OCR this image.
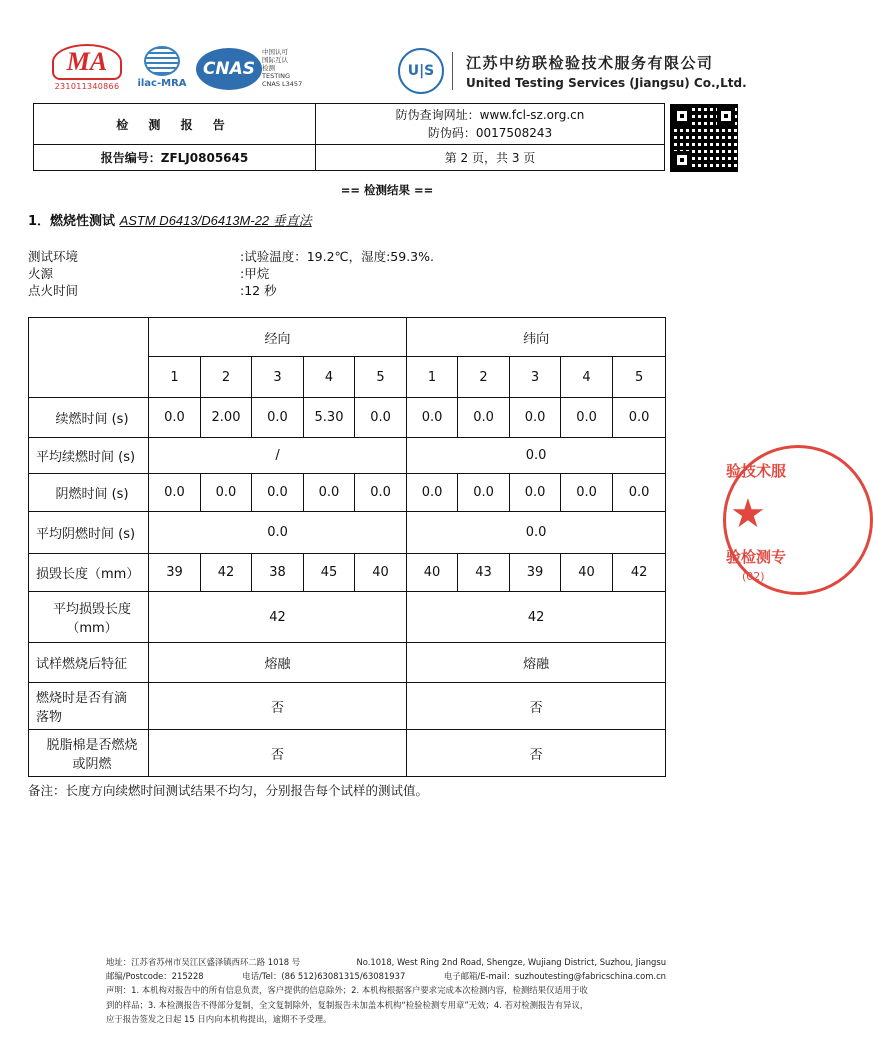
MA
231011340866	ilac-MRA
CNAS
中国认可
国际互认
检测
TESTING
CNAS L3457
U|S	江苏中纺联检验技术服务有限公司
United Testing Services (Jiangsu) Co.,Ltd.
检 测 报 告	防伪查询网址：www.fcl-sz.org.cn
防伪码：0017508243

报告编号：ZFLJ0805645	第 2 页，共 3 页
== 检测结果 ==
1．燃烧性测试 ASTM D6413/D6413M-22 垂直法
测试环境	:试验温度：19.2℃，湿度:59.3%.
火源	:甲烷
点火时间	:12 秒
	经向					纬向				
	1	2	3	4	5	1	2	3	4	5
续燃时间 (s)	0.0	2.00	0.0	5.30	0.0	0.0	0.0	0.0	0.0	0.0
平均续燃时间 (s)	/					0.0				
阴燃时间 (s)	0.0	0.0	0.0	0.0	0.0	0.0	0.0	0.0	0.0	0.0
平均阴燃时间 (s)	0.0					0.0				
损毁长度（mm）	39	42	38	45	40	40	43	39	40	42

平均损毁长度
（mm）	42					42				
试样燃烧后特征	熔融					熔融				

燃烧时是否有滴
落物	否					否				

脱脂棉是否燃烧
或阴燃	否					否				
备注：长度方向续燃时间测试结果不均匀，分别报告每个试样的测试值。
验技术服
★
验检测专
(02)
地址：江苏省苏州市吴江区盛泽镇西环二路 1018 号	No.1018, West Ring 2nd Road, Shengze, Wujiang District, Suzhou, Jiangsu
邮编/Postcode：215228	电话/Tel：(86 512)63081315/63081937	电子邮箱/E-mail：suzhoutesting@fabricschina.com.cn
声明：1. 本机构对报告中的所有信息负责，客户提供的信息除外；2. 本机构根据客户要求完成本次检测内容，检测结果仅适用于收
到的样品；3. 本检测报告不得部分复制，全文复制除外，复制报告未加盖本机构“检验检测专用章”无效；4. 若对检测报告有异议，
应于报告签发之日起 15 日内向本机构提出，逾期不予受理。
